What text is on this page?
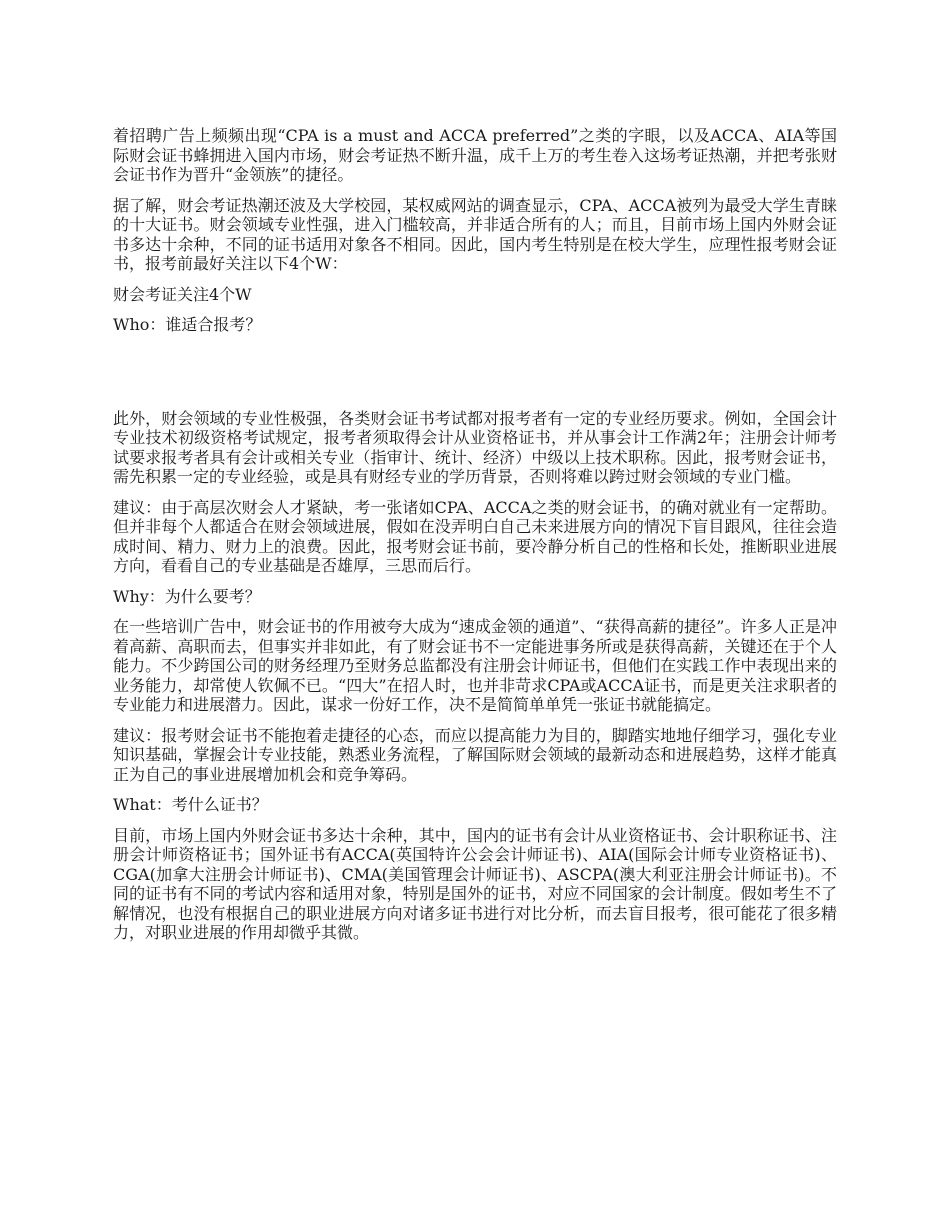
着招聘广告上频频出现“CPA is a must and ACCA preferred”之类的字眼，以及ACCA、AIA等国际财会证书蜂拥进入国内市场，财会考证热不断升温，成千上万的考生卷入这场考证热潮，并把考张财会证书作为晋升“金领族”的捷径。

据了解，财会考证热潮还波及大学校园，某权威网站的调查显示，CPA、ACCA被列为最受大学生青睐的十大证书。财会领域专业性强，进入门槛较高，并非适合所有的人；而且，目前市场上国内外财会证书多达十余种，不同的证书适用对象各不相同。因此，国内考生特别是在校大学生，应理性报考财会证书，报考前最好关注以下4个W：

财会考证关注4个W

Who：谁适合报考？

此外，财会领域的专业性极强，各类财会证书考试都对报考者有一定的专业经历要求。例如，全国会计专业技术初级资格考试规定，报考者须取得会计从业资格证书，并从事会计工作满2年；注册会计师考试要求报考者具有会计或相关专业（指审计、统计、经济）中级以上技术职称。因此，报考财会证书，需先积累一定的专业经验，或是具有财经专业的学历背景，否则将难以跨过财会领域的专业门槛。

建议：由于高层次财会人才紧缺，考一张诸如CPA、ACCA之类的财会证书，的确对就业有一定帮助。但并非每个人都适合在财会领域进展，假如在没弄明白自己未来进展方向的情况下盲目跟风，往往会造成时间、精力、财力上的浪费。因此，报考财会证书前，要冷静分析自己的性格和长处，推断职业进展方向，看看自己的专业基础是否雄厚，三思而后行。

Why：为什么要考？

在一些培训广告中，财会证书的作用被夸大成为“速成金领的通道”、“获得高薪的捷径”。许多人正是冲着高薪、高职而去，但事实并非如此，有了财会证书不一定能进事务所或是获得高薪，关键还在于个人能力。不少跨国公司的财务经理乃至财务总监都没有注册会计师证书，但他们在实践工作中表现出来的业务能力，却常使人钦佩不已。“四大”在招人时，也并非苛求CPA或ACCA证书，而是更关注求职者的专业能力和进展潜力。因此，谋求一份好工作，决不是简简单单凭一张证书就能搞定。

建议：报考财会证书不能抱着走捷径的心态，而应以提高能力为目的，脚踏实地地仔细学习，强化专业知识基础，掌握会计专业技能，熟悉业务流程，了解国际财会领域的最新动态和进展趋势，这样才能真正为自己的事业进展增加机会和竞争筹码。

What：考什么证书？

目前，市场上国内外财会证书多达十余种，其中，国内的证书有会计从业资格证书、会计职称证书、注册会计师资格证书；国外证书有ACCA(英国特许公会会计师证书)、AIA(国际会计师专业资格证书)、CGA(加拿大注册会计师证书)、CMA(美国管理会计师证书)、ASCPA(澳大利亚注册会计师证书)。不同的证书有不同的考试内容和适用对象，特别是国外的证书，对应不同国家的会计制度。假如考生不了解情况，也没有根据自己的职业进展方向对诸多证书进行对比分析，而去盲目报考，很可能花了很多精力，对职业进展的作用却微乎其微。
